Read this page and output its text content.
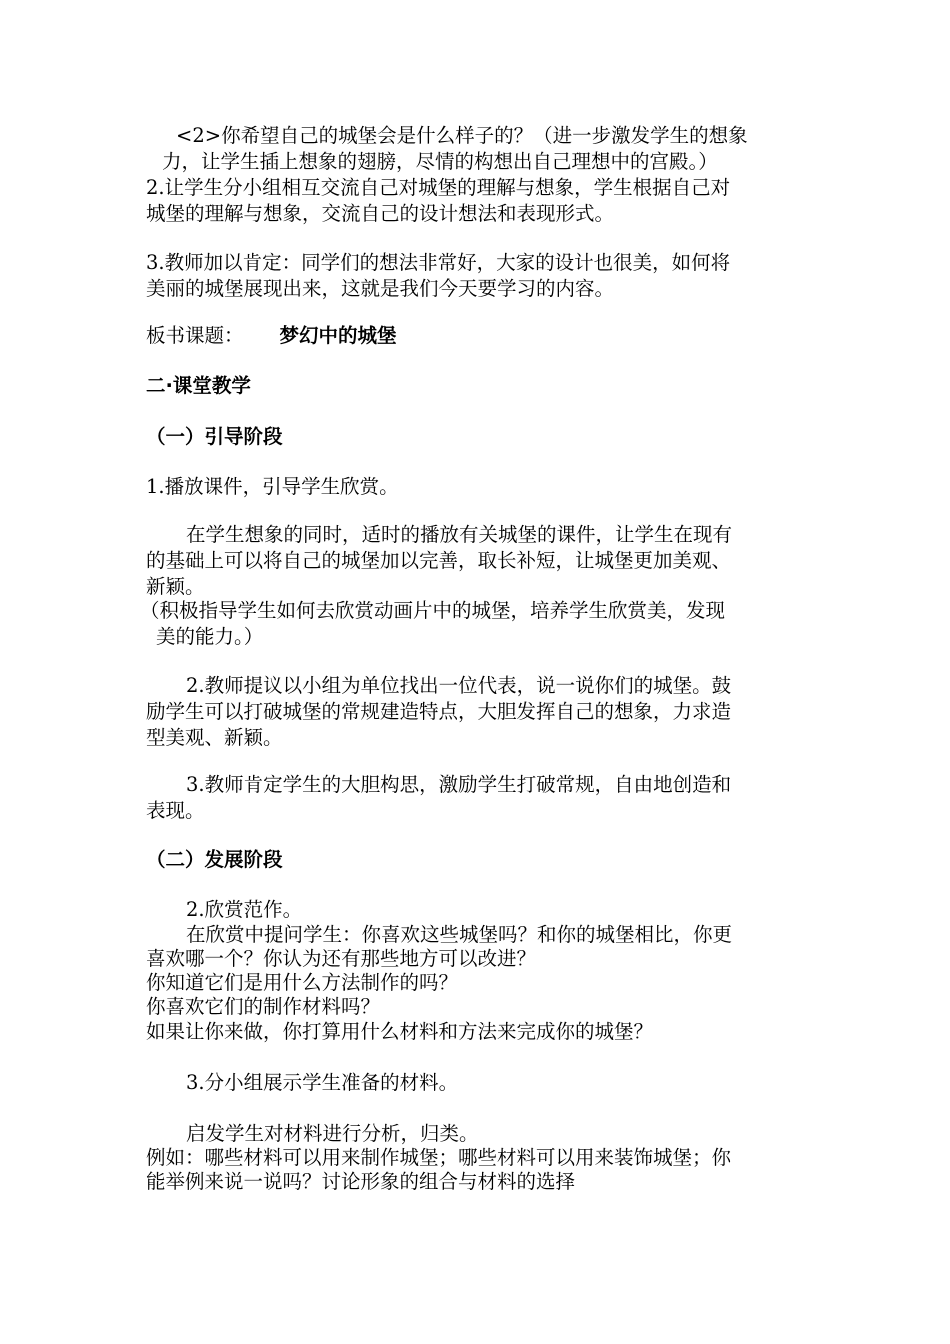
<2>你希望自己的城堡会是什么样子的？（进一步激发学生的想象
力，让学生插上想象的翅膀，尽情的构想出自己理想中的宫殿。）
2.让学生分小组相互交流自己对城堡的理解与想象，学生根据自己对
城堡的理解与想象，交流自己的设计想法和表现形式。
3.教师加以肯定：同学们的想法非常好，大家的设计也很美，如何将
美丽的城堡展现出来，这就是我们今天要学习的内容。
板书课题： 梦幻中的城堡
二·课堂教学
（一）引导阶段
1.播放课件，引导学生欣赏。
在学生想象的同时，适时的播放有关城堡的课件，让学生在现有
的基础上可以将自己的城堡加以完善，取长补短，让城堡更加美观、
新颖。
（积极指导学生如何去欣赏动画片中的城堡，培养学生欣赏美，发现
美的能力。）
2.教师提议以小组为单位找出一位代表，说一说你们的城堡。鼓
励学生可以打破城堡的常规建造特点，大胆发挥自己的想象，力求造
型美观、新颖。
3.教师肯定学生的大胆构思，激励学生打破常规，自由地创造和
表现。
（二）发展阶段
2.欣赏范作。
在欣赏中提问学生：你喜欢这些城堡吗？和你的城堡相比，你更
喜欢哪一个？你认为还有那些地方可以改进？
你知道它们是用什么方法制作的吗？
你喜欢它们的制作材料吗？
如果让你来做，你打算用什么材料和方法来完成你的城堡？
3.分小组展示学生准备的材料。
启发学生对材料进行分析，归类。
例如：哪些材料可以用来制作城堡；哪些材料可以用来装饰城堡；你
能举例来说一说吗？讨论形象的组合与材料的选择
